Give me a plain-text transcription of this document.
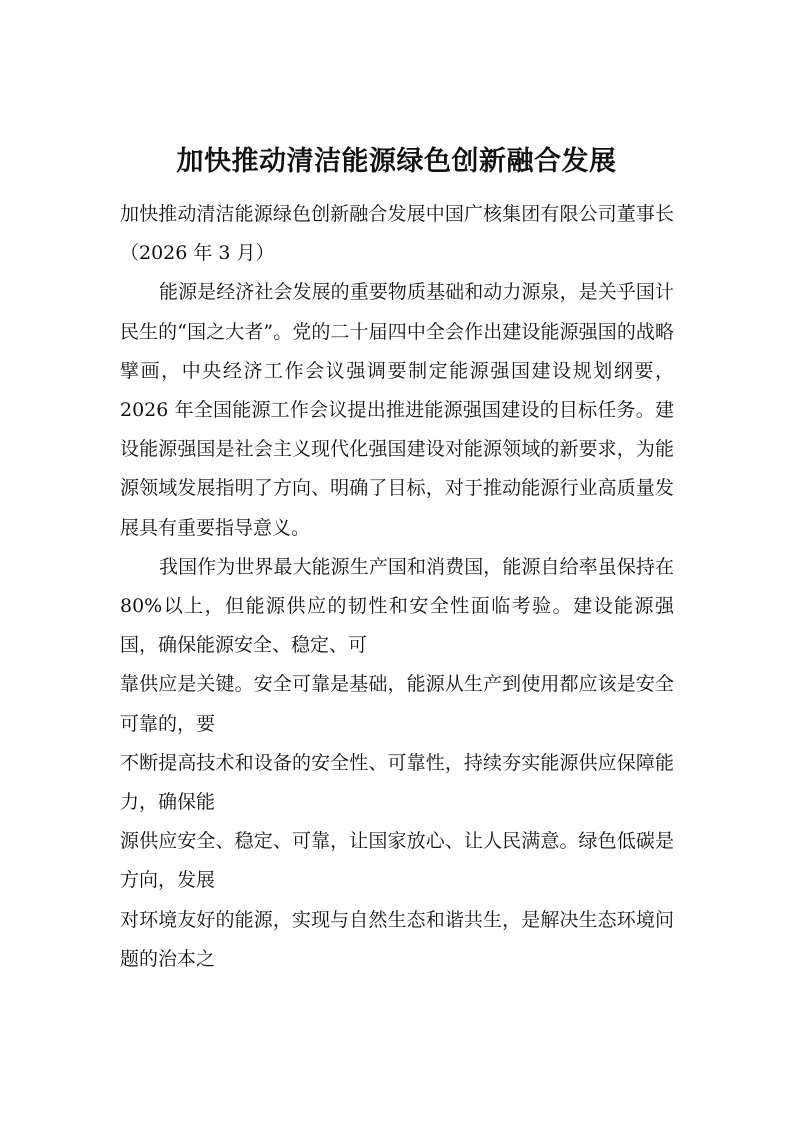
加快推动清洁能源绿色创新融合发展

加快推动清洁能源绿色创新融合发展中国广核集团有限公司董事长（2026 年 3 月）

能源是经济社会发展的重要物质基础和动力源泉，是关乎国计民生的“国之大者”。党的二十届四中全会作出建设能源强国的战略擘画，中央经济工作会议强调要制定能源强国建设规划纲要，2026 年全国能源工作会议提出推进能源强国建设的目标任务。建设能源强国是社会主义现代化强国建设对能源领域的新要求，为能源领域发展指明了方向、明确了目标，对于推动能源行业高质量发展具有重要指导意义。

我国作为世界最大能源生产国和消费国，能源自给率虽保持在 80%以上，但能源供应的韧性和安全性面临考验。建设能源强国，确保能源安全、稳定、可

靠供应是关键。安全可靠是基础，能源从生产到使用都应该是安全可靠的，要

不断提高技术和设备的安全性、可靠性，持续夯实能源供应保障能力，确保能

源供应安全、稳定、可靠，让国家放心、让人民满意。绿色低碳是方向，发展

对环境友好的能源，实现与自然生态和谐共生，是解决生态环境问题的治本之
